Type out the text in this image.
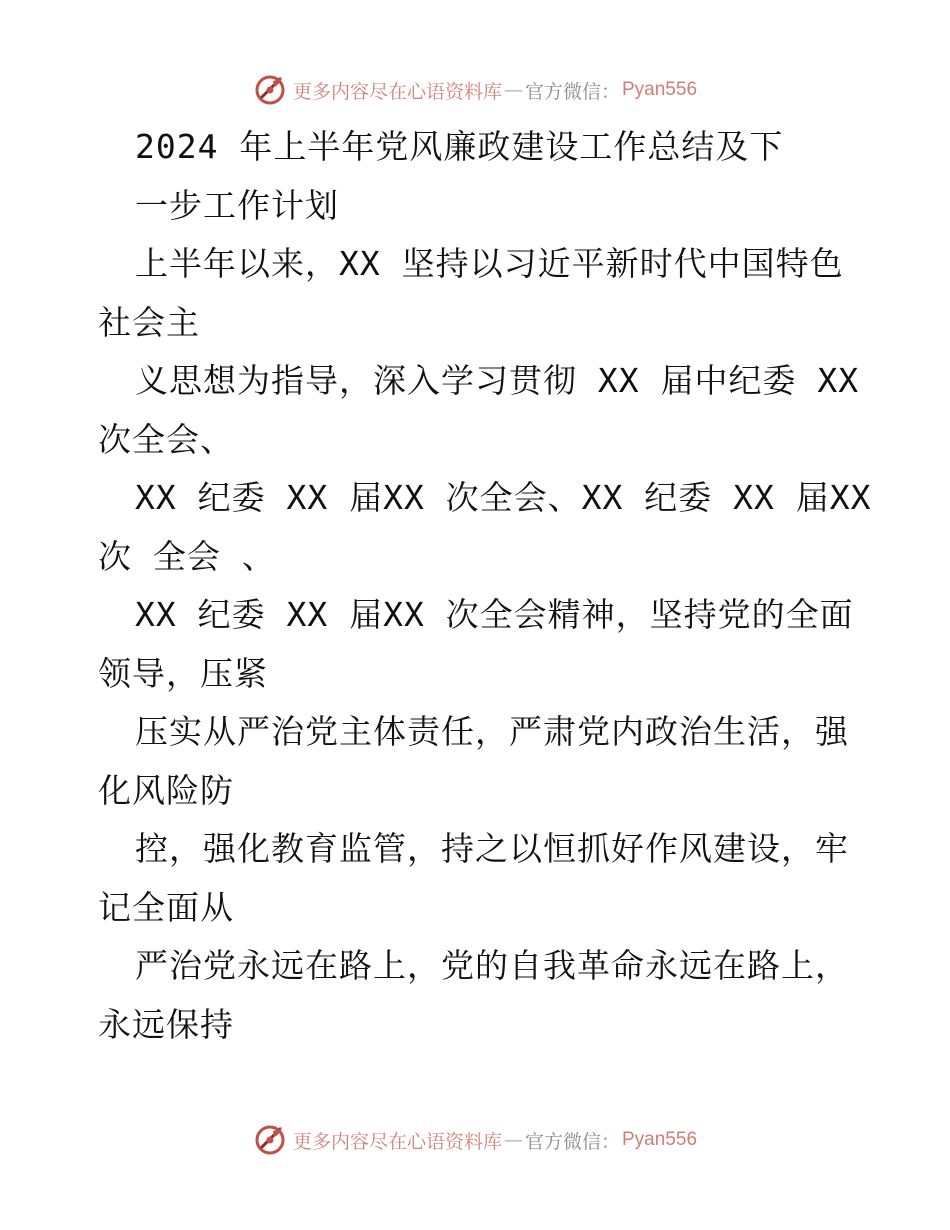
更多内容尽在心语资料库 — 官方微信： Pyan556
2024 年上半年党风廉政建设工作总结及下
一步工作计划
上半年以来，XX 坚持以习近平新时代中国特色
社会主
义思想为指导，深入学习贯彻 XX 届中纪委 XX
次全会、
XX 纪委 XX 届XX 次全会、XX 纪委 XX 届XX
次 全会 、
XX 纪委 XX 届XX 次全会精神，坚持党的全面
领导，压紧
压实从严治党主体责任，严肃党内政治生活，强
化风险防
控，强化教育监管，持之以恒抓好作风建设，牢
记全面从
严治党永远在路上，党的自我革命永远在路上，
永远保持
更多内容尽在心语资料库 — 官方微信： Pyan556
